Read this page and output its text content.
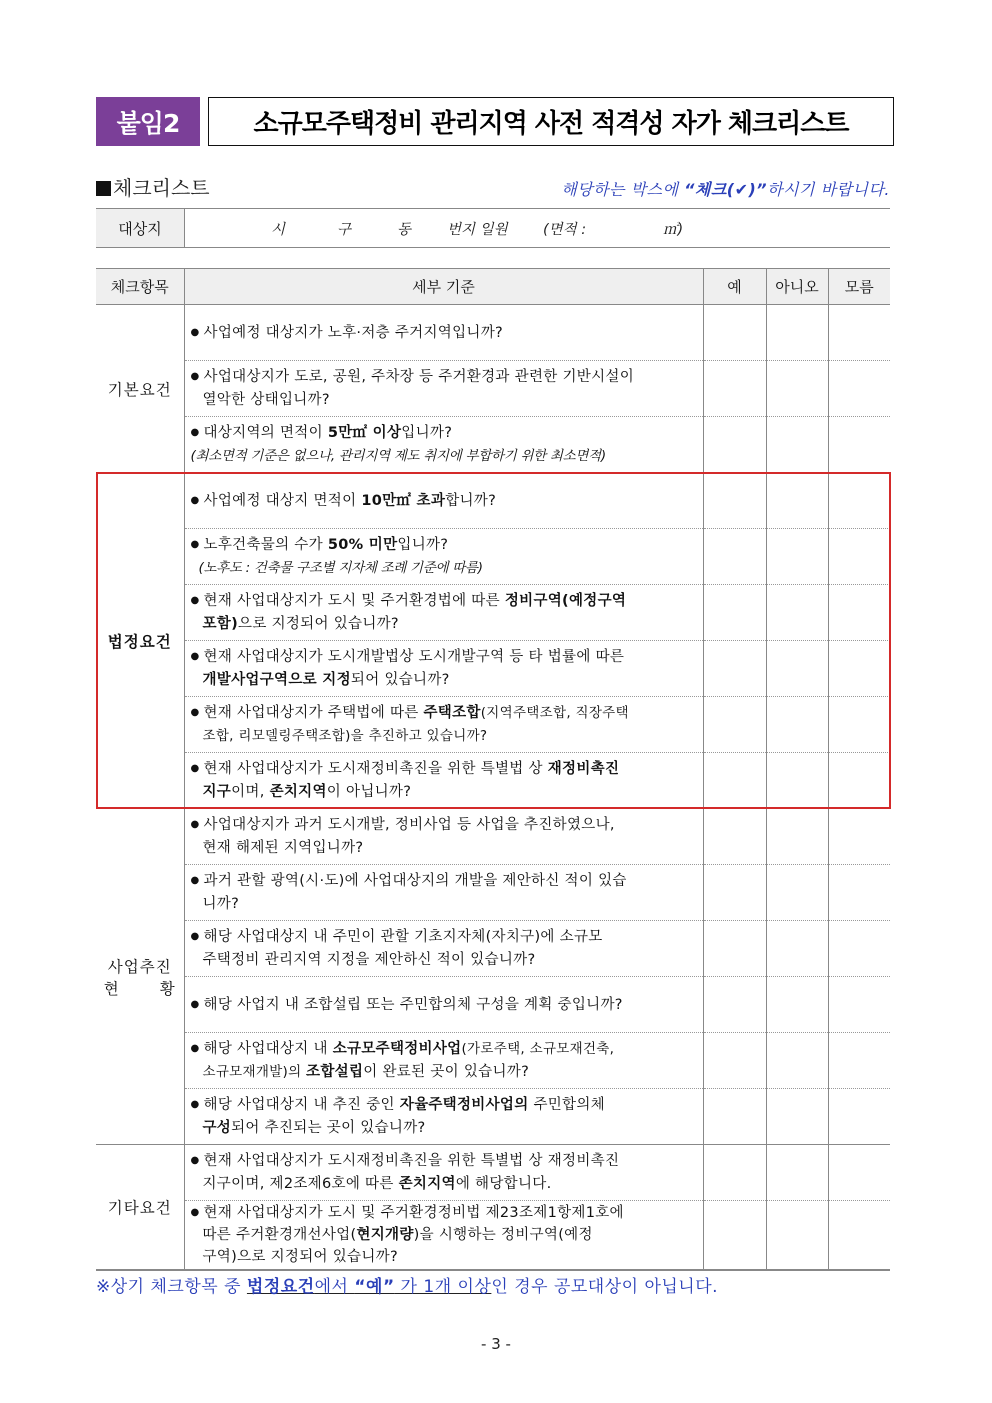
붙임2	소규모주택정비 관리지역 사전 적격성 자가 체크리스트
체크리스트	해당하는 박스에 “체크(✔)”하시기 바랍니다.
대상지	시	구	동	번지 일원	(면적 :	㎡)
체크항목	세부 기준	예	아니오	모름
기본요건	● 사업예정 대상지가 노후·저층 주거지역입니까?			
	● 사업대상지가 도로, 공원, 주차장 등 주거환경과 관련한 기반시설이
열악한 상태입니까?			

	● 대상지역의 면적이 5만㎡ 이상입니까?
(최소면적 기준은 없으나, 관리지역 제도 취지에 부합하기 위한 최소면적)			

법정요건	● 사업예정 대상지 면적이 10만㎡ 초과합니까?			
	● 노후건축물의 수가 50% 미만입니까?
(노후도 : 건축물 구조별 지자체 조례 기준에 따름)			

	● 현재 사업대상지가 도시 및 주거환경법에 따른 정비구역(예정구역
포함)으로 지정되어 있습니까?			

	● 현재 사업대상지가 도시개발법상 도시개발구역 등 타 법률에 따른
개발사업구역으로 지정되어 있습니까?			

	● 현재 사업대상지가 주택법에 따른 주택조합(지역주택조합, 직장주택
조합, 리모델링주택조합)을 추진하고 있습니까?			

	● 현재 사업대상지가 도시재정비촉진을 위한 특별법 상 재정비촉진
지구이며, 존치지역이 아닙니까?			

사업추진
현 황	● 사업대상지가 과거 도시개발, 정비사업 등 사업을 추진하였으나,
현재 해제된 지역입니까?			

	● 과거 관할 광역(시·도)에 사업대상지의 개발을 제안하신 적이 있습
니까?			

	● 해당 사업대상지 내 주민이 관할 기초지자체(자치구)에 소규모
주택정비 관리지역 지정을 제안하신 적이 있습니까?			

	● 해당 사업지 내 조합설립 또는 주민합의체 구성을 계획 중입니까?			
	● 해당 사업대상지 내 소규모주택정비사업(가로주택, 소규모재건축,
소규모재개발)의 조합설립이 완료된 곳이 있습니까?			

	● 해당 사업대상지 내 추진 중인 자율주택정비사업의 주민합의체
구성되어 추진되는 곳이 있습니까?			

기타요건	● 현재 사업대상지가 도시재정비촉진을 위한 특별법 상 재정비촉진
지구이며, 제2조제6호에 따른 존치지역에 해당합니다.			

	● 현재 사업대상지가 도시 및 주거환경정비법 제23조제1항제1호에
따른 주거환경개선사업(현지개량)을 시행하는 정비구역(예정
구역)으로 지정되어 있습니까?			

※상기 체크항목 중 법정요건에서 “예” 가 1개 이상인 경우 공모대상이 아닙니다.
- 3 -
